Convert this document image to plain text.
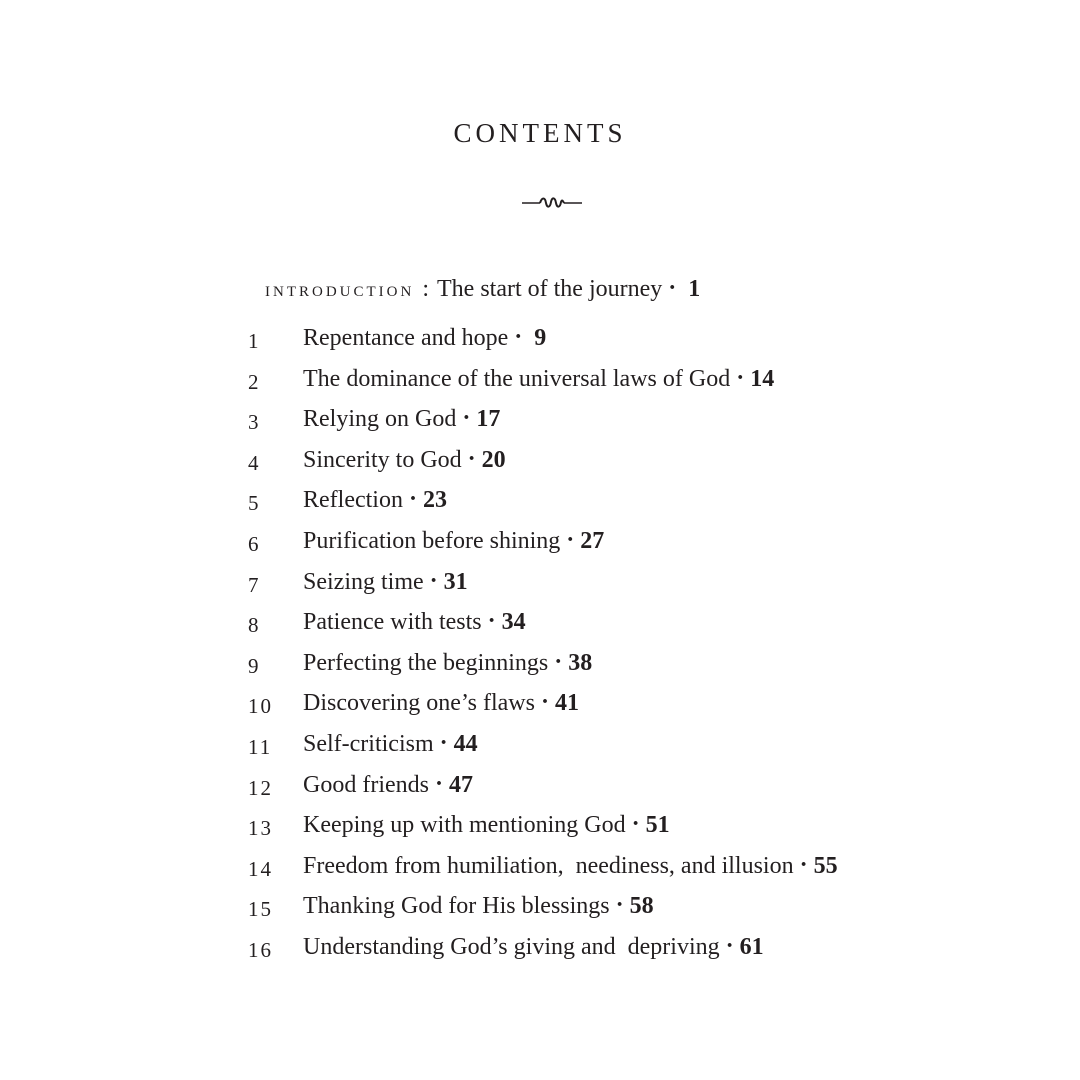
contents
introduction : The start of the journey · 1
1	Repentance and hope · 9
2	The dominance of the universal laws of God · 14
3	Relying on God · 17
4	Sincerity to God · 20
5	Reflection · 23
6	Purification before shining · 27
7	Seizing time · 31
8	Patience with tests · 34
9	Perfecting the beginnings · 38
10	Discovering one’s flaws · 41
11	Self-criticism · 44
12	Good friends · 47
13	Keeping up with mentioning God · 51
14	Freedom from humiliation,  neediness, and illusion · 55
15	Thanking God for His blessings · 58
16	Understanding God’s giving and  depriving · 61
